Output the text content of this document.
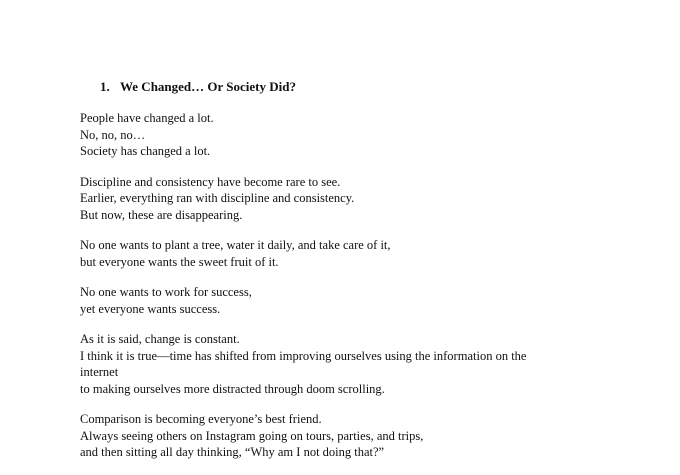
1. We Changed… Or Society Did?

People have changed a lot.
No, no, no…
Society has changed a lot.

Discipline and consistency have become rare to see.
Earlier, everything ran with discipline and consistency.
But now, these are disappearing.

No one wants to plant a tree, water it daily, and take care of it,
but everyone wants the sweet fruit of it.

No one wants to work for success,
yet everyone wants success.

As it is said, change is constant.
I think it is true—time has shifted from improving ourselves using the information on the
internet
to making ourselves more distracted through doom scrolling.

Comparison is becoming everyone’s best friend.
Always seeing others on Instagram going on tours, parties, and trips,
and then sitting all day thinking, “Why am I not doing that?”
